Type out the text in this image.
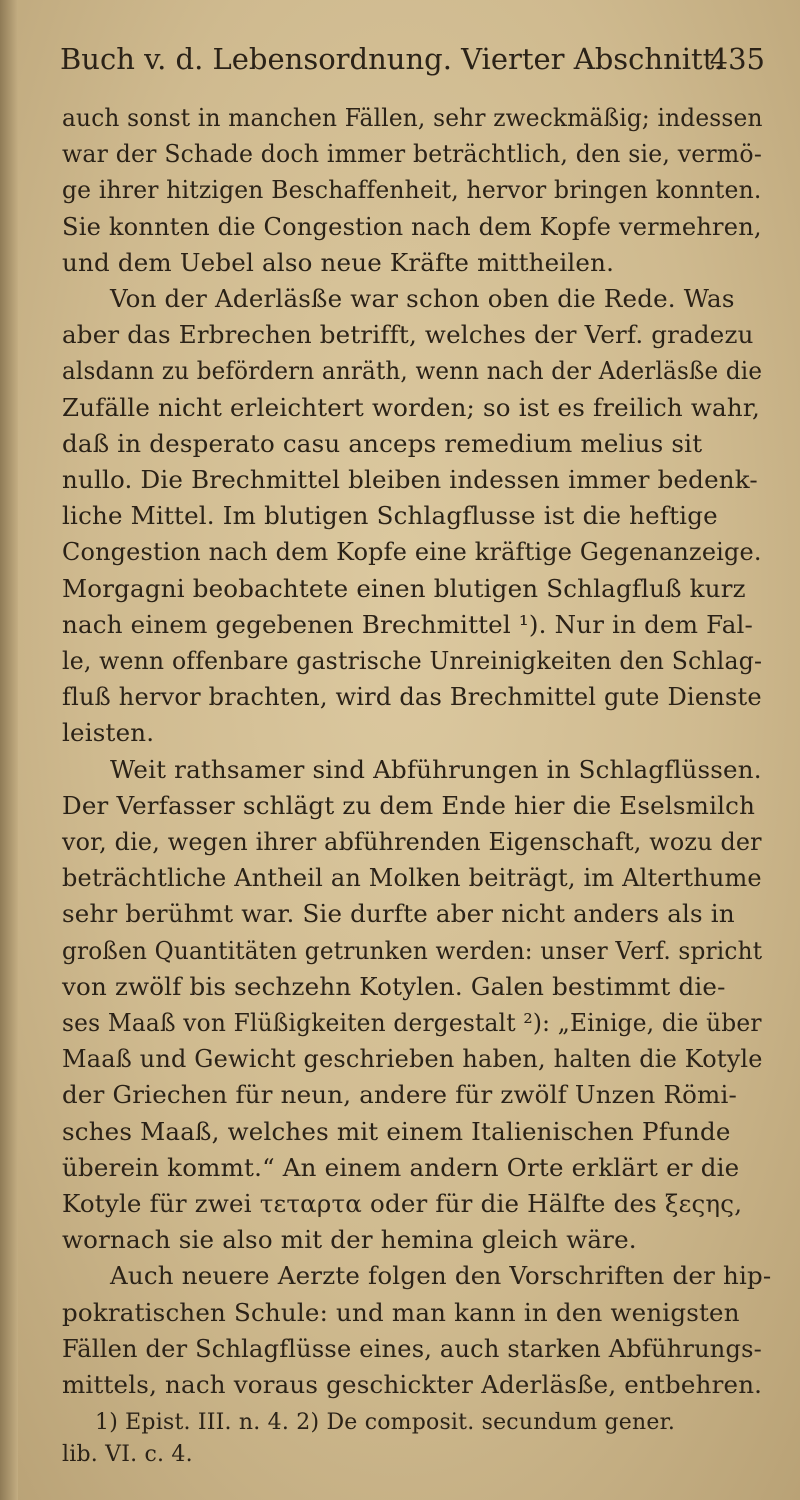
Buch v. d. Lebensordnung. Vierter Abschnitt.
435
auch sonst in manchen Fällen, sehr zweckmäßig; indessen
war der Schade doch immer beträchtlich, den sie, vermö-
ge ihrer hitzigen Beschaffenheit, hervor bringen konnten.
Sie konnten die Congestion nach dem Kopfe vermehren,
und dem Uebel also neue Kräfte mittheilen.
Von der Aderläsße war schon oben die Rede. Was
aber das Erbrechen betrifft, welches der Verf. gradezu
alsdann zu befördern anräth, wenn nach der Aderläsße die
Zufälle nicht erleichtert worden; so ist es freilich wahr,
daß in desperato casu anceps remedium melius sit
nullo. Die Brechmittel bleiben indessen immer bedenk-
liche Mittel. Im blutigen Schlagflusse ist die heftige
Congestion nach dem Kopfe eine kräftige Gegenanzeige.
Morgagni beobachtete einen blutigen Schlagfluß kurz
nach einem gegebenen Brechmittel ¹). Nur in dem Fal-
le, wenn offenbare gastrische Unreinigkeiten den Schlag-
fluß hervor brachten, wird das Brechmittel gute Dienste
leisten.
Weit rathsamer sind Abführungen in Schlagflüssen.
Der Verfasser schlägt zu dem Ende hier die Eselsmilch
vor, die, wegen ihrer abführenden Eigenschaft, wozu der
beträchtliche Antheil an Molken beiträgt, im Alterthume
sehr berühmt war. Sie durfte aber nicht anders als in
großen Quantitäten getrunken werden: unser Verf. spricht
von zwölf bis sechzehn Kotylen. Galen bestimmt die-
ses Maaß von Flüßigkeiten dergestalt ²): „Einige, die über
Maaß und Gewicht geschrieben haben, halten die Kotyle
der Griechen für neun, andere für zwölf Unzen Römi-
sches Maaß, welches mit einem Italienischen Pfunde
überein kommt.“ An einem andern Orte erklärt er die
Kotyle für zwei τεταρτα oder für die Hälfte des ξεςης,
wornach sie also mit der hemina gleich wäre.
Auch neuere Aerzte folgen den Vorschriften der hip-
pokratischen Schule: und man kann in den wenigsten
Fällen der Schlagflüsse eines, auch starken Abführungs-
mittels, nach voraus geschickter Aderläsße, entbehren.
1) Epist. III. n. 4. 2) De composit. secundum gener.
lib. VI. c. 4.
